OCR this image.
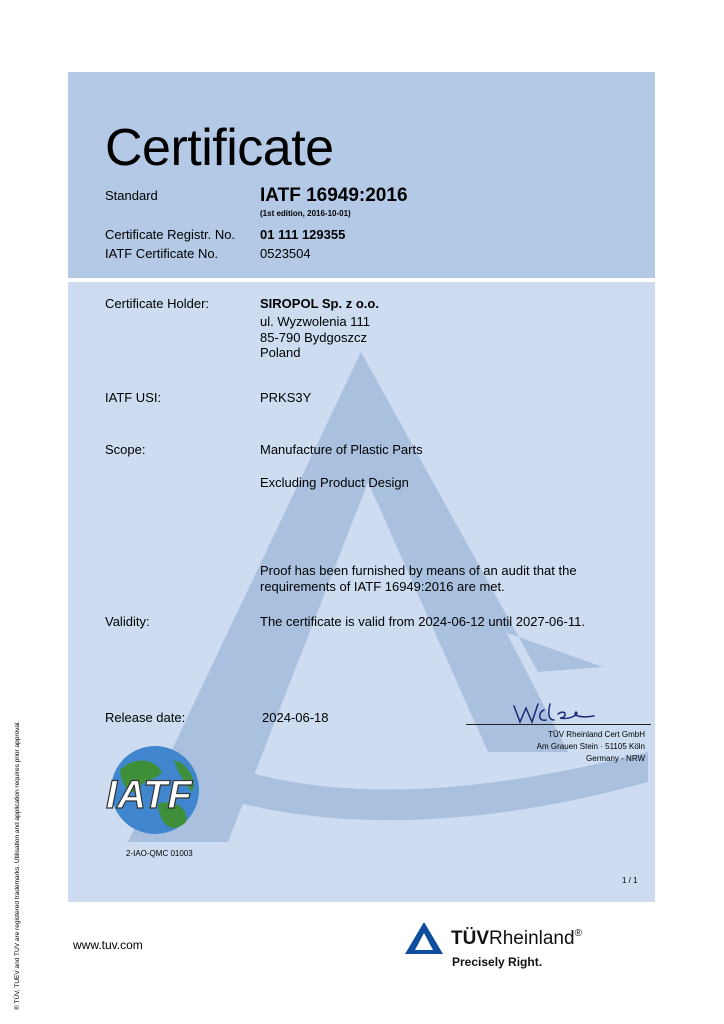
Certificate
Standard	IATF 16949:2016
(1st edition, 2016-10-01)
Certificate Registr. No. 01 111 129355
IATF Certificate No.	0523504
Certificate Holder:	SIROPOL Sp. z o.o.
ul. Wyzwolenia 111
85-790 Bydgoszcz
Poland
IATF USI:	PRKS3Y
Scope:	Manufacture of Plastic Parts
Excluding Product Design
Proof has been furnished by means of an audit that the
requirements of IATF 16949:2016 are met.
Validity:	The certificate is valid from 2024-06-12 until 2027-06-11.
Release date:	2024-06-18
TÜV Rheinland Cert GmbH
Am Grauen Stein · 51105 Köln
Germany - NRW
IATF
2-IAO-QMC 01003
1 / 1
www.tuv.com	TÜVRheinland®
Precisely Right.
® TÜV, TUEV and TUV are registered trademarks. Utilisation and application requires prior approval.
